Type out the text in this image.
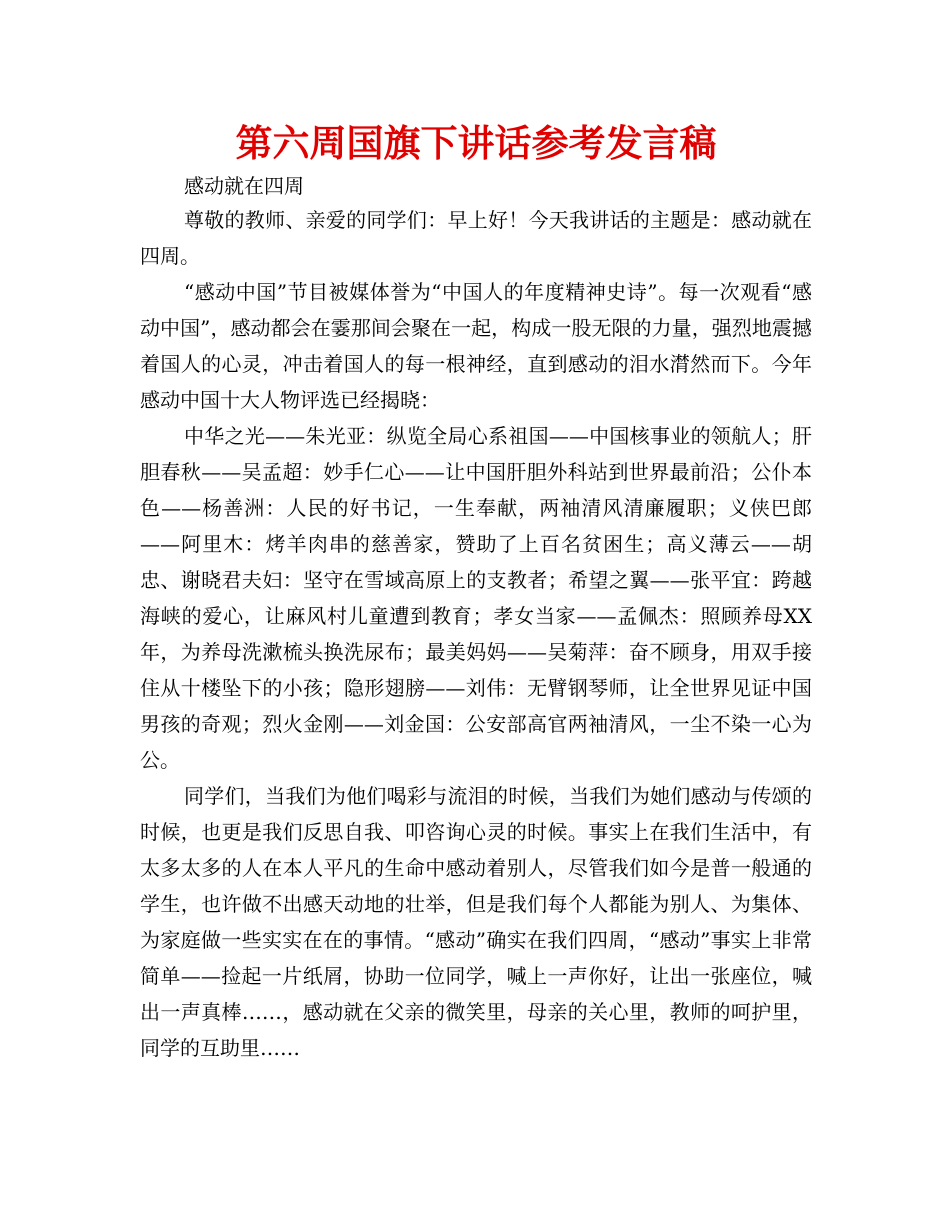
第六周国旗下讲话参考发言稿

感动就在四周

尊敬的教师、亲爱的同学们：早上好！今天我讲话的主题是：感动就在四周。

“感动中国”节目被媒体誉为“中国人的年度精神史诗”。每一次观看“感动中国”，感动都会在霎那间会聚在一起，构成一股无限的力量，强烈地震撼着国人的心灵，冲击着国人的每一根神经，直到感动的泪水潸然而下。今年感动中国十大人物评选已经揭晓：

中华之光——朱光亚：纵览全局心系祖国——中国核事业的领航人；肝胆春秋——吴孟超：妙手仁心——让中国肝胆外科站到世界最前沿；公仆本色——杨善洲：人民的好书记，一生奉献，两袖清风清廉履职；义侠巴郎——阿里木：烤羊肉串的慈善家，赞助了上百名贫困生；高义薄云——胡忠、谢晓君夫妇：坚守在雪域高原上的支教者；希望之翼——张平宜：跨越海峡的爱心，让麻风村儿童遭到教育；孝女当家——孟佩杰：照顾养母XX年，为养母洗漱梳头换洗尿布；最美妈妈——吴菊萍：奋不顾身，用双手接住从十楼坠下的小孩；隐形翅膀——刘伟：无臂钢琴师，让全世界见证中国男孩的奇观；烈火金刚——刘金国：公安部高官两袖清风，一尘不染一心为公。

同学们，当我们为他们喝彩与流泪的时候，当我们为她们感动与传颂的时候，也更是我们反思自我、叩咨询心灵的时候。事实上在我们生活中，有太多太多的人在本人平凡的生命中感动着别人，尽管我们如今是普一般通的学生，也许做不出感天动地的壮举，但是我们每个人都能为别人、为集体、为家庭做一些实实在在的事情。“感动”确实在我们四周，“感动”事实上非常简单——捡起一片纸屑，协助一位同学，喊上一声你好，让出一张座位，喊出一声真棒……，感动就在父亲的微笑里，母亲的关心里，教师的呵护里，同学的互助里……
